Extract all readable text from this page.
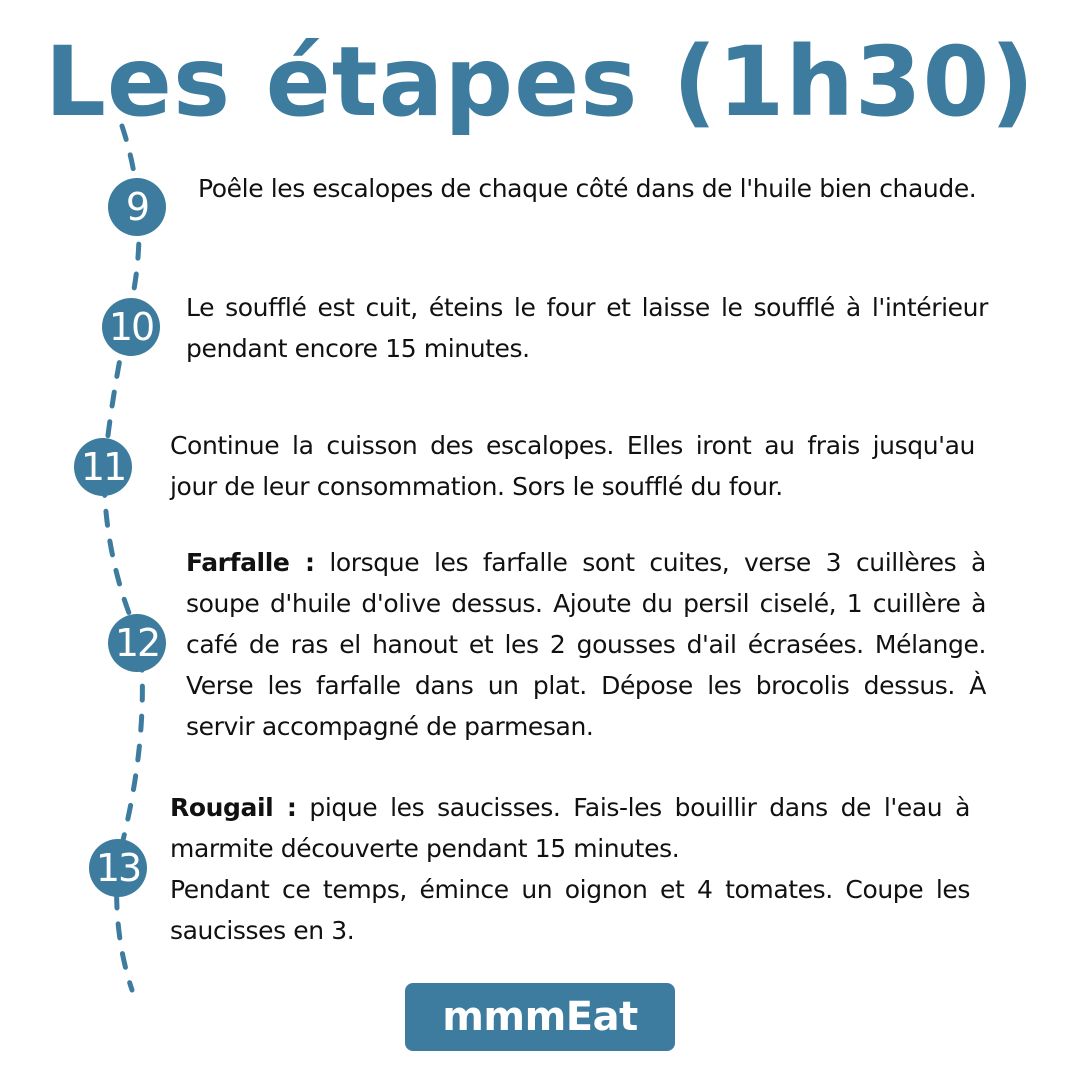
Les étapes (1h30)
9	Poêle les escalopes de chaque côté dans de l'huile bien chaude.
10 Le soufflé est cuit, éteins le four et laisse le soufflé à l'intérieur pendant encore 15 minutes.
11 Continue la cuisson des escalopes. Elles iront au frais jusqu'au jour de leur consommation. Sors le soufflé du four.
12
Farfalle : lorsque les farfalle sont cuites, verse 3 cuillères à soupe d'huile d'olive dessus. Ajoute du persil ciselé, 1 cuillère à café de ras el hanout et les 2 gousses d'ail écrasées. Mélange. Verse les farfalle dans un plat. Dépose les brocolis dessus. À servir accompagné de parmesan.
13
Rougail : pique les saucisses. Fais-les bouillir dans de l'eau à marmite découverte pendant 15 minutes.
Pendant ce temps, émince un oignon et 4 tomates. Coupe les saucisses en 3.
mmmEat
